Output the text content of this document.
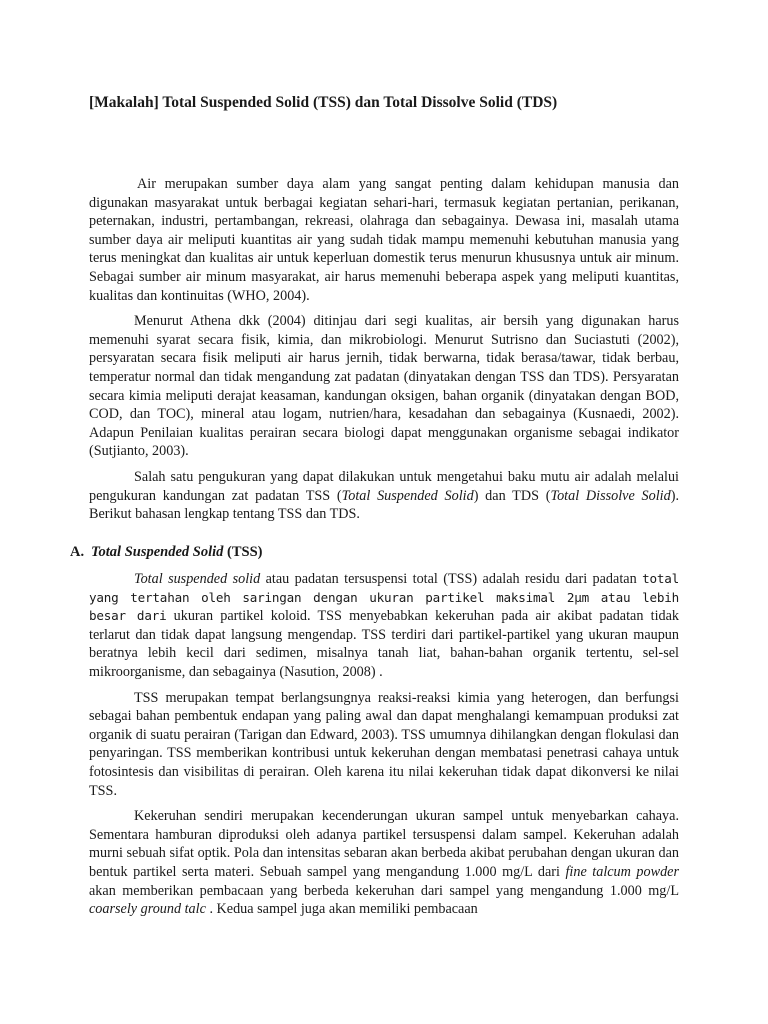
[Makalah] Total Suspended Solid (TSS) dan Total Dissolve Solid (TDS)

Air merupakan sumber daya alam yang sangat penting dalam kehidupan manusia dan digunakan masyarakat untuk berbagai kegiatan sehari-hari, termasuk kegiatan pertanian, perikanan, peternakan, industri, pertambangan, rekreasi, olahraga dan sebagainya. Dewasa ini, masalah utama sumber daya air meliputi kuantitas air yang sudah tidak mampu memenuhi kebutuhan manusia yang terus meningkat dan kualitas air untuk keperluan domestik terus menurun khususnya untuk air minum. Sebagai sumber air minum masyarakat, air harus memenuhi beberapa aspek yang meliputi kuantitas, kualitas dan kontinuitas (WHO, 2004).

Menurut Athena dkk (2004) ditinjau dari segi kualitas, air bersih yang digunakan harus memenuhi syarat secara fisik, kimia, dan mikrobiologi. Menurut Sutrisno dan Suciastuti (2002), persyaratan secara fisik meliputi air harus jernih, tidak berwarna, tidak berasa/tawar, tidak berbau, temperatur normal dan tidak mengandung zat padatan (dinyatakan dengan TSS dan TDS). Persyaratan secara kimia meliputi derajat keasaman, kandungan oksigen, bahan organik (dinyatakan dengan BOD, COD, dan TOC), mineral atau logam, nutrien/hara, kesadahan dan sebagainya (Kusnaedi, 2002). Adapun Penilaian kualitas perairan secara biologi dapat menggunakan organisme sebagai indikator (Sutjianto, 2003).

Salah satu pengukuran yang dapat dilakukan untuk mengetahui baku mutu air adalah melalui pengukuran kandungan zat padatan TSS (Total Suspended Solid) dan TDS (Total Dissolve Solid). Berikut bahasan lengkap tentang TSS dan TDS.

A. Total Suspended Solid (TSS)

Total suspended solid atau padatan tersuspensi total (TSS) adalah residu dari padatan total yang tertahan oleh saringan dengan ukuran partikel maksimal 2μm atau lebih besar dari ukuran partikel koloid. TSS menyebabkan kekeruhan pada air akibat padatan tidak terlarut dan tidak dapat langsung mengendap. TSS terdiri dari partikel-partikel yang ukuran maupun beratnya lebih kecil dari sedimen, misalnya tanah liat, bahan-bahan organik tertentu, sel-sel mikroorganisme, dan sebagainya (Nasution, 2008) .

TSS merupakan tempat berlangsungnya reaksi-reaksi kimia yang heterogen, dan berfungsi sebagai bahan pembentuk endapan yang paling awal dan dapat menghalangi kemampuan produksi zat organik di suatu perairan (Tarigan dan Edward, 2003). TSS umumnya dihilangkan dengan flokulasi dan penyaringan. TSS memberikan kontribusi untuk kekeruhan dengan membatasi penetrasi cahaya untuk fotosintesis dan visibilitas di perairan. Oleh karena itu nilai kekeruhan tidak dapat dikonversi ke nilai TSS.

Kekeruhan sendiri merupakan kecenderungan ukuran sampel untuk menyebarkan cahaya. Sementara hamburan diproduksi oleh adanya partikel tersuspensi dalam sampel. Kekeruhan adalah murni sebuah sifat optik. Pola dan intensitas sebaran akan berbeda akibat perubahan dengan ukuran dan bentuk partikel serta materi. Sebuah sampel yang mengandung 1.000 mg/L dari fine talcum powder akan memberikan pembacaan yang berbeda kekeruhan dari sampel yang mengandung 1.000 mg/L coarsely ground talc . Kedua sampel juga akan memiliki pembacaan
